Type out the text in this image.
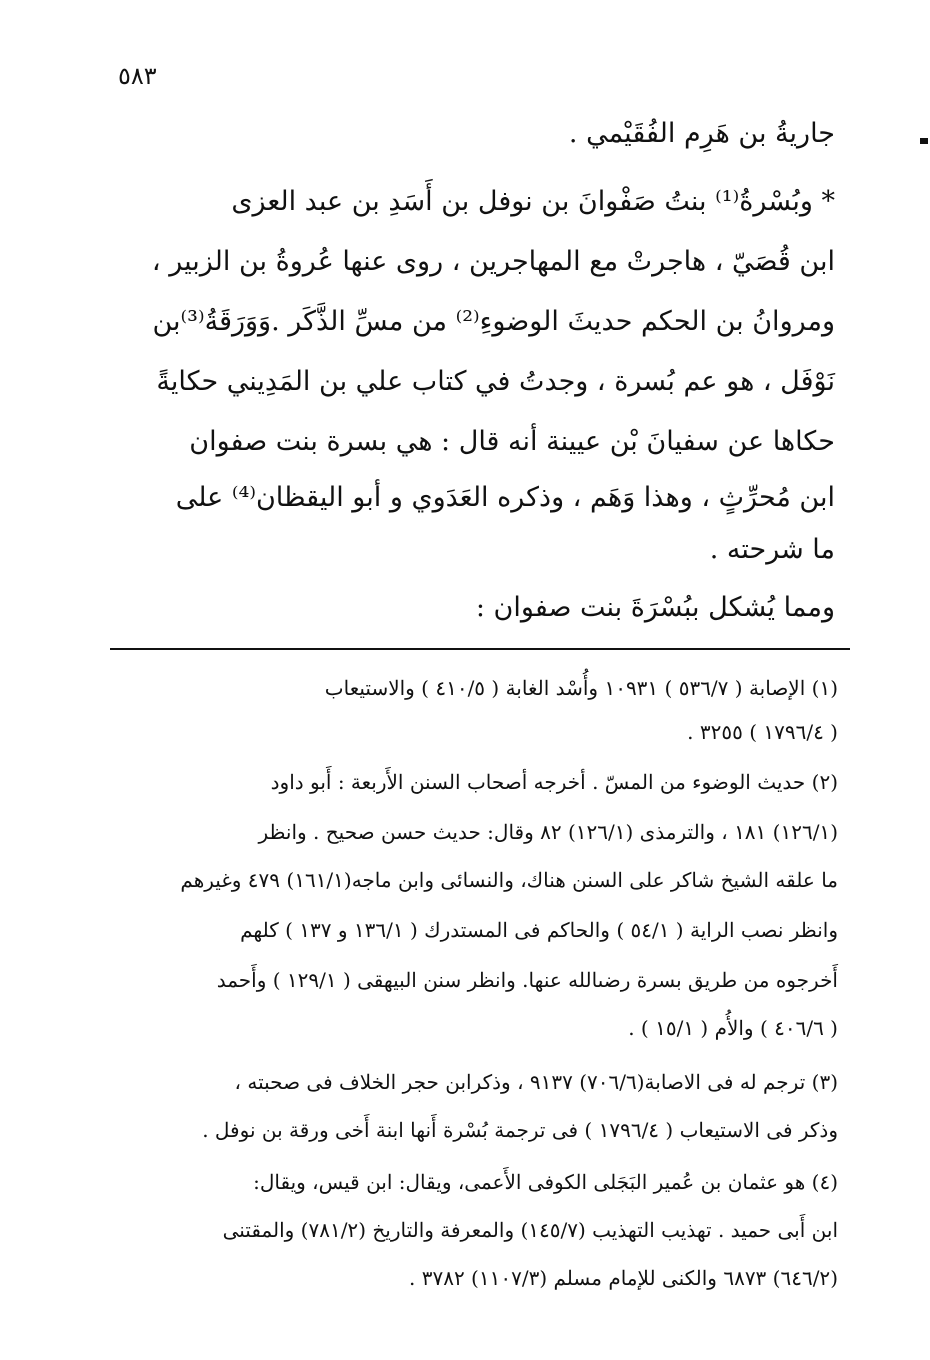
٥٨٣
جاريةُ بن هَرِم الفُقَيْمي .
* وبُسْرةُ⁽¹⁾ بنتُ صَفْوانَ بن نوفل بن أَسَدِ بن عبد العزى
ابن قُصَيّ ، هاجرتْ مع المهاجرين ، روى عنها عُروةُ بن الزبير ،
ومروانُ بن الحكم حديثَ الوضوءِ⁽²⁾ من مسِّ الذَّكَر .وَوَرَقَةُ⁽³⁾بن
نَوْفَل ، هو عم بُسرة ، وجدتُ في كتاب علي بن المَدِيني حكايةً
حكاها عن سفيانَ بْن عيينة أنه قال : هي بسرة بنت صفوان
ابن مُحرِّثٍ ، وهذا وَهَم ، وذكره العَدَوي و أبو اليقظان⁽⁴⁾ على
ما شرحته .
ومما يُشكل ببُسْرَةَ بنت صفوان :
(١) الإصابة ( ٥٣٦/٧ ) ١٠٩٣١ وأُسْد الغابة ( ٤١٠/٥ ) والاستيعاب
( ١٧٩٦/٤ ) ٣٢٥٥ .
(٢) حديث الوضوء من المسّ . أخرجه أصحاب السنن الأَربعة : أَبو داود
(١٢٦/١) ١٨١ ، والترمذى (١٢٦/١) ٨٢ وقال: حديث حسن صحيح . وانظر
ما علقه الشيخ شاكر على السنن هناك، والنسائى وابن ماجه(١٦١/١) ٤٧٩ وغيرهم
وانظر نصب الراية ( ٥٤/١ ) والحاكم فى المستدرك ( ١٣٦/١ و ١٣٧ ) كلهم
أَخرجوه من طريق بسرة رضىالله عنها. وانظر سنن البيهقى ( ١٢٩/١ ) وأَحمد
( ٤٠٦/٦ ) والأُم ( ١٥/١ ) .
(٣) ترجم له فى الاصابة(٧٠٦/٦) ٩١٣٧ ، وذكرابن حجر الخلاف فى صحبته ،
وذكر فى الاستيعاب ( ١٧٩٦/٤ ) فى ترجمة بُسْرة أَنها ابنة أَخى ورقة بن نوفل .
(٤) هو عثمان بن عُمير البَجَلى الكوفى الأَعمى، ويقال: ابن قيس، ويقال:
ابن أَبى حميد . تهذيب التهذيب (١٤٥/٧) والمعرفة والتاريخ (٧٨١/٢) والمقتنى
(٦٤٦/٢) ٦٨٧٣ والكنى للإمام مسلم (١١٠٧/٣) ٣٧٨٢ .
